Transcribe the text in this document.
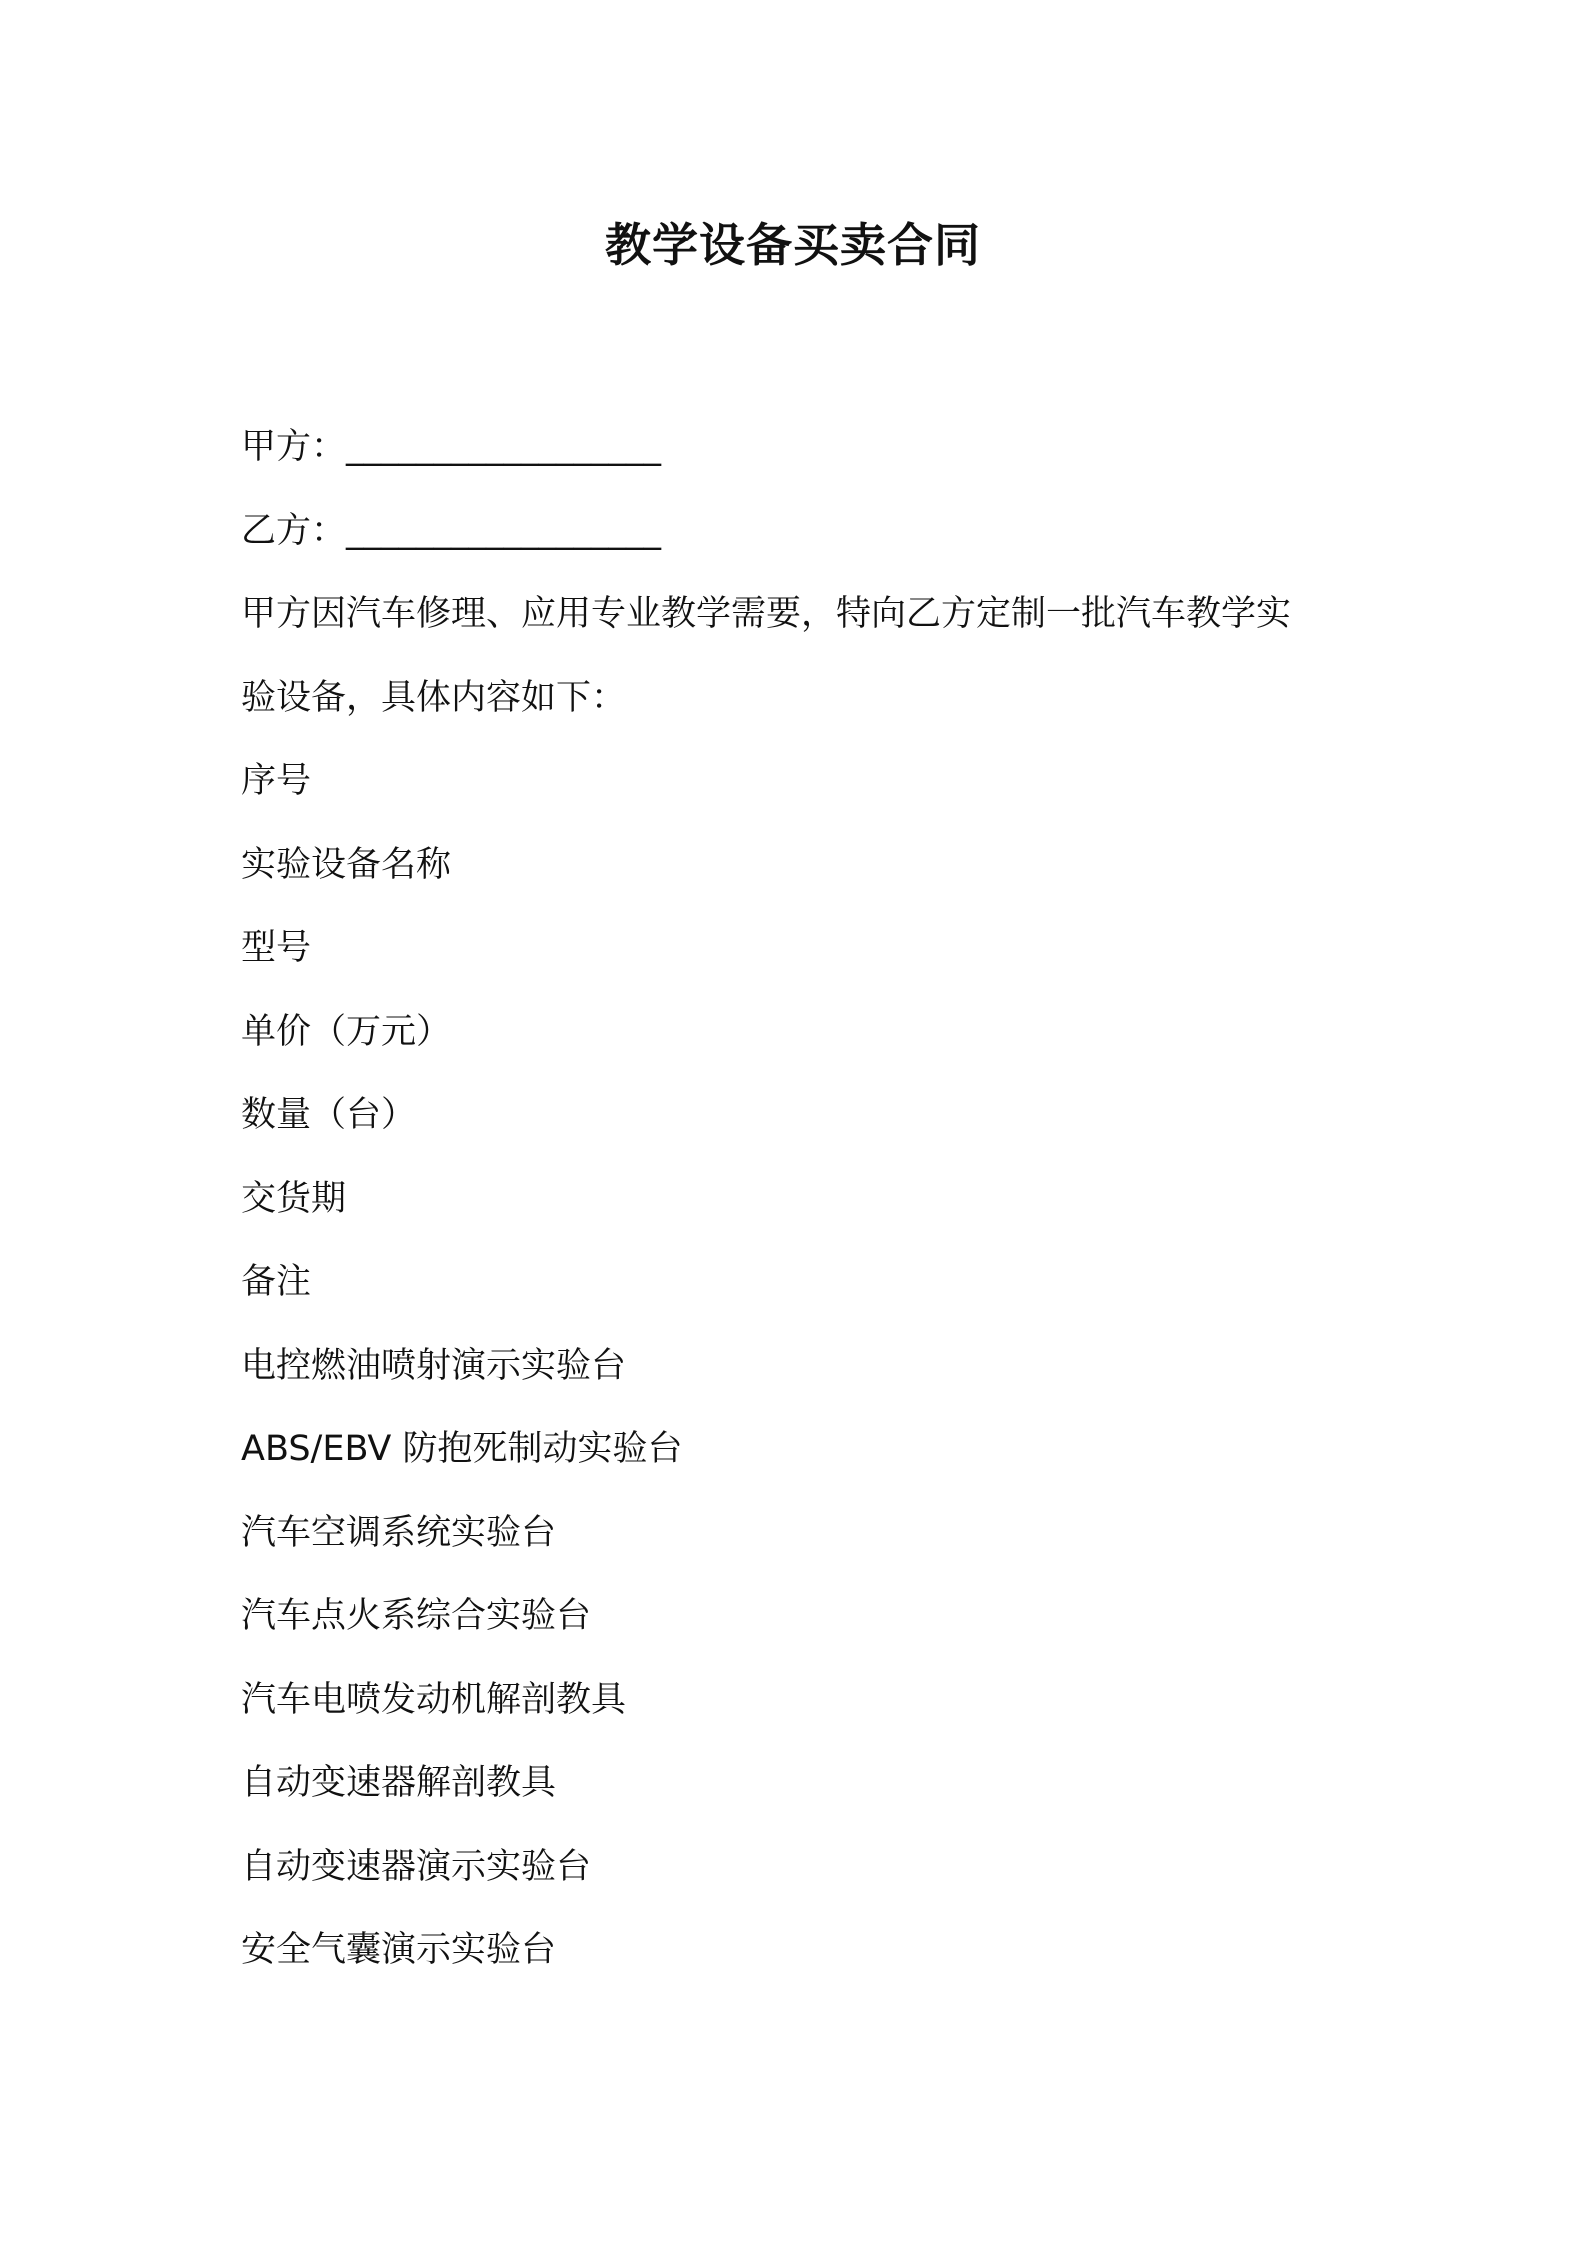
教学设备买卖合同

甲方：__________________

乙方：__________________

甲方因汽车修理、应用专业教学需要，特向乙方定制一批汽车教学实

验设备，具体内容如下：

序号

实验设备名称

型号

单价（万元）

数量（台）

交货期

备注

电控燃油喷射演示实验台

ABS/EBV 防抱死制动实验台

汽车空调系统实验台

汽车点火系综合实验台

汽车电喷发动机解剖教具

自动变速器解剖教具

自动变速器演示实验台

安全气囊演示实验台
